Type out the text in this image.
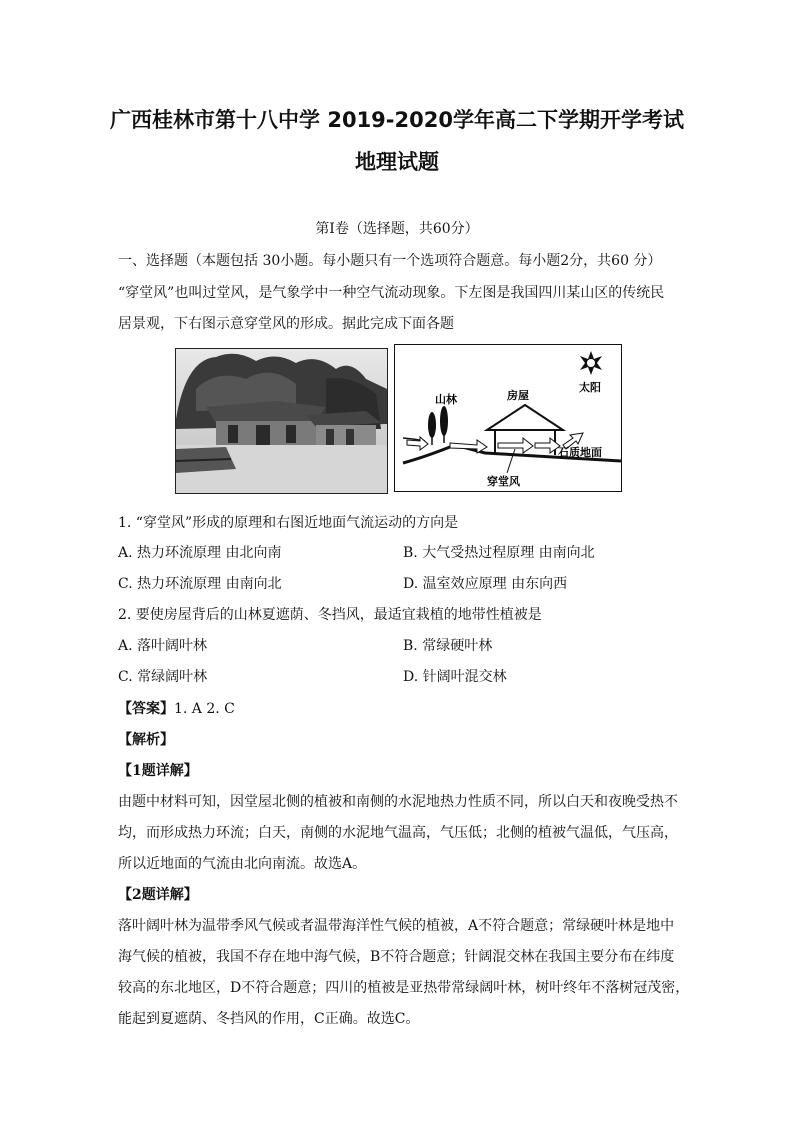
广西桂林市第十八中学 2019-2020学年高二下学期开学考试
地理试题
第Ⅰ卷（选择题，共60分）
一、选择题（本题包括 30小题。每小题只有一个选项符合题意。每小题2分，共60 分）
“穿堂风”也叫过堂风，是气象学中一种空气流动现象。下左图是我国四川某山区的传统民
居景观，下右图示意穿堂风的形成。据此完成下面各题
山林	房屋
太阳
石质地面
穿堂风
1. “穿堂风”形成的原理和右图近地面气流运动的方向是
A. 热力环流原理 由北向南	B. 大气受热过程原理 由南向北
C. 热力环流原理 由南向北	D. 温室效应原理 由东向西
2. 要使房屋背后的山林夏遮荫、冬挡风，最适宜栽植的地带性植被是
A. 落叶阔叶林	B. 常绿硬叶林
C. 常绿阔叶林	D. 针阔叶混交林
【答案】1. A 2. C
【解析】
【1题详解】
由题中材料可知，因堂屋北侧的植被和南侧的水泥地热力性质不同，所以白天和夜晚受热不
均，而形成热力环流；白天，南侧的水泥地气温高，气压低；北侧的植被气温低，气压高，
所以近地面的气流由北向南流。故选A。
【2题详解】
落叶阔叶林为温带季风气候或者温带海洋性气候的植被，A不符合题意；常绿硬叶林是地中
海气候的植被，我国不存在地中海气候，B不符合题意；针阔混交林在我国主要分布在纬度
较高的东北地区，D不符合题意；四川的植被是亚热带常绿阔叶林，树叶终年不落树冠茂密，
能起到夏遮荫、冬挡风的作用，C正确。故选C。
